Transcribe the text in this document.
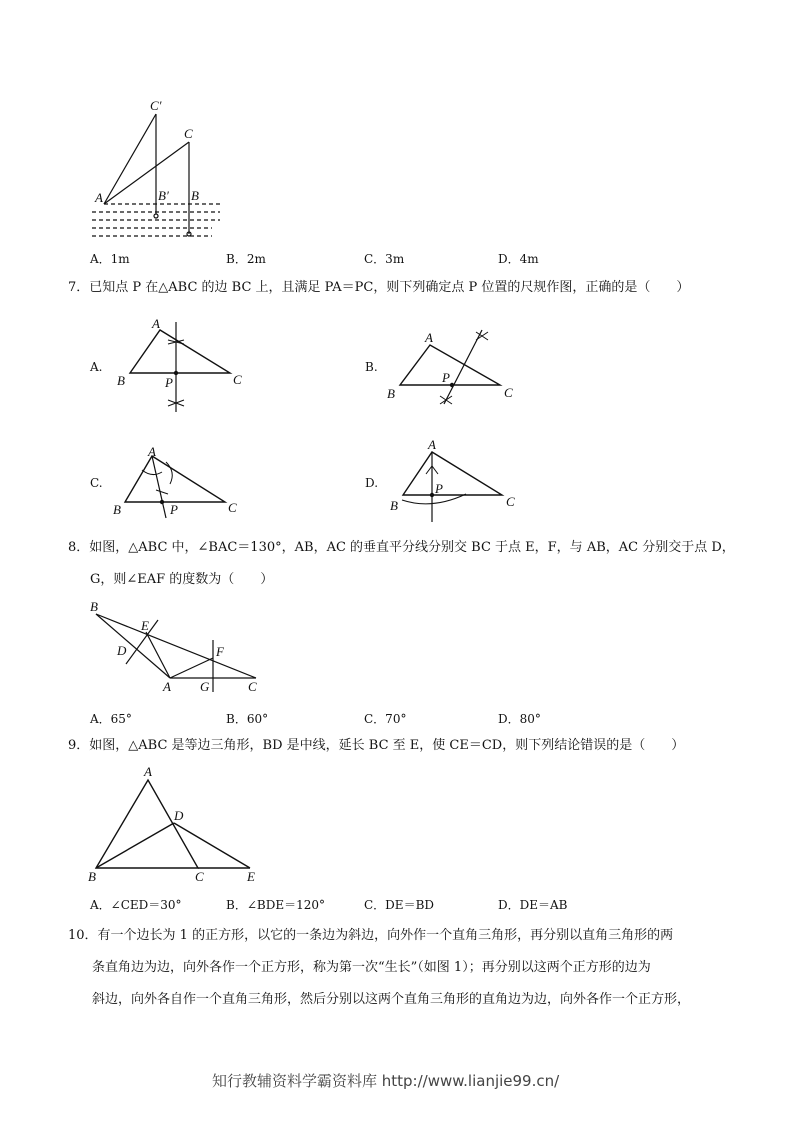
C′
C
A	B′ B
A．1m	B．2m	C．3m	D．4m
7．已知点 P 在△ABC 的边 BC 上，且满足 PA＝PC，则下列确定点 P 位置的尺规作图，正确的是（　　）
A.
A
B	C
P
B.
A
B	C
P
C.
A
B	C
P
D.
A
B	C
P
8．如图，△ABC 中，∠BAC＝130°，AB，AC 的垂直平分线分别交 BC 于点 E，F，与 AB，AC 分别交于点 D，
G，则∠EAF 的度数为（　　）
B
E
D	F
A G	C
A．65°	B．60°	C．70°	D．80°
9．如图，△ABC 是等边三角形，BD 是中线，延长 BC 至 E，使 CE＝CD，则下列结论错误的是（　　）
A
D
B	C	E
A．∠CED＝30°	B．∠BDE＝120°	C．DE＝BD	D．DE＝AB
10．有一个边长为 1 的正方形，以它的一条边为斜边，向外作一个直角三角形，再分别以直角三角形的两
条直角边为边，向外各作一个正方形，称为第一次“生长”（如图 1）；再分别以这两个正方形的边为
斜边，向外各自作一个直角三角形，然后分别以这两个直角三角形的直角边为边，向外各作一个正方形，
知行教辅资料学霸资料库 http://www.lianjie99.cn/
